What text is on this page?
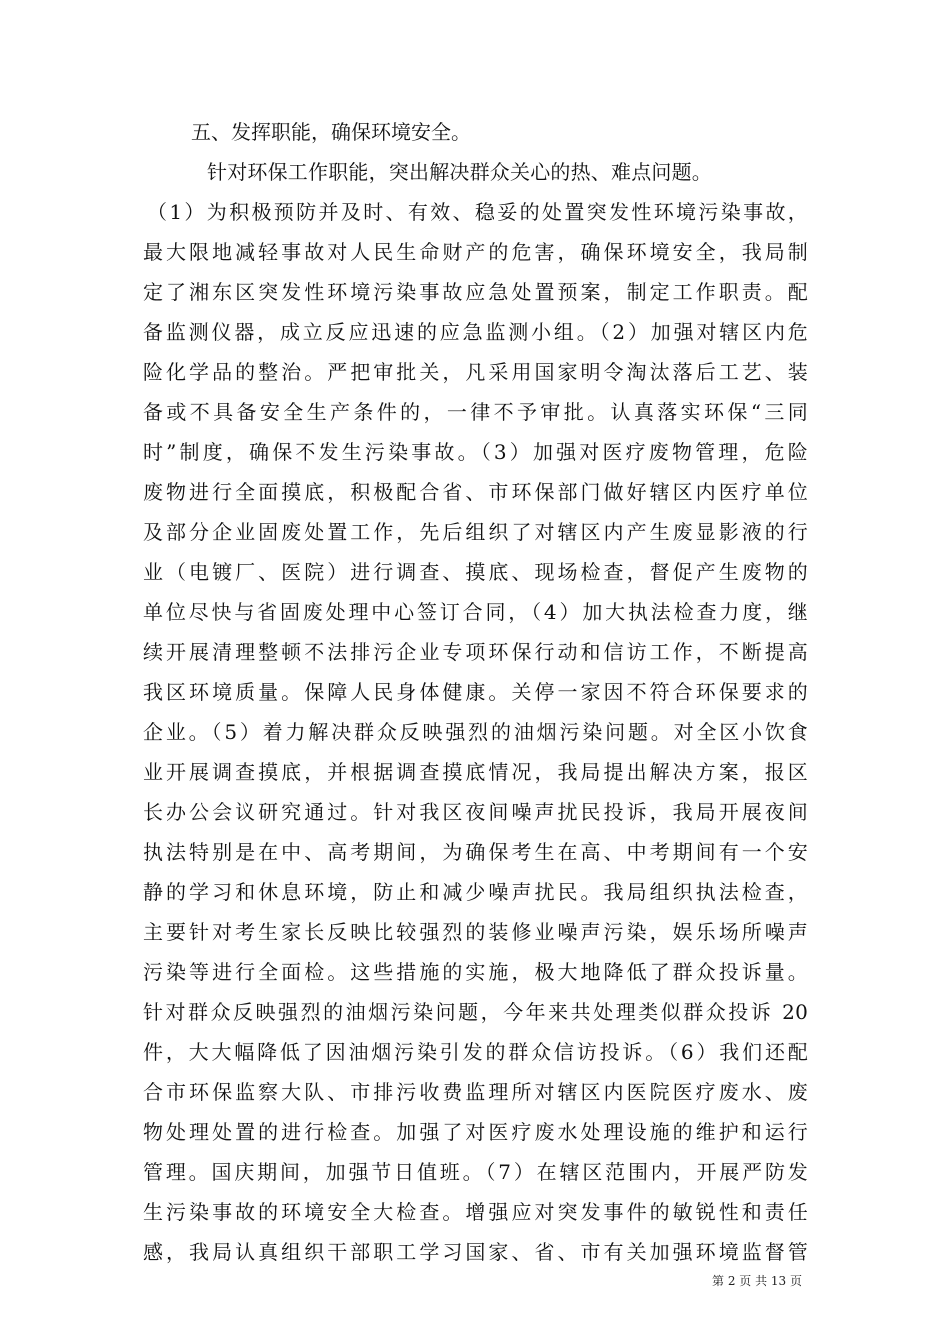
五、发挥职能，确保环境安全。
针对环保工作职能，突出解决群众关心的热、难点问题。
（1）为积极预防并及时、有效、稳妥的处置突发性环境污染事故，
最大限地减轻事故对人民生命财产的危害，确保环境安全，我局制
定了湘东区突发性环境污染事故应急处置预案，制定工作职责。配
备监测仪器，成立反应迅速的应急监测小组。（2）加强对辖区内危
险化学品的整治。严把审批关，凡采用国家明令淘汰落后工艺、装
备或不具备安全生产条件的，一律不予审批。认真落实环保“三同
时”制度，确保不发生污染事故。（3）加强对医疗废物管理，危险
废物进行全面摸底，积极配合省、市环保部门做好辖区内医疗单位
及部分企业固废处置工作，先后组织了对辖区内产生废显影液的行
业（电镀厂、医院）进行调查、摸底、现场检查，督促产生废物的
单位尽快与省固废处理中心签订合同，（4）加大执法检查力度，继
续开展清理整顿不法排污企业专项环保行动和信访工作，不断提高
我区环境质量。保障人民身体健康。关停一家因不符合环保要求的
企业。（5）着力解决群众反映强烈的油烟污染问题。对全区小饮食
业开展调查摸底，并根据调查摸底情况，我局提出解决方案，报区
长办公会议研究通过。针对我区夜间噪声扰民投诉，我局开展夜间
执法特别是在中、高考期间，为确保考生在高、中考期间有一个安
静的学习和休息环境，防止和减少噪声扰民。我局组织执法检查，
主要针对考生家长反映比较强烈的装修业噪声污染，娱乐场所噪声
污染等进行全面检。这些措施的实施，极大地降低了群众投诉量。
针对群众反映强烈的油烟污染问题，今年来共处理类似群众投诉 20
件，大大幅降低了因油烟污染引发的群众信访投诉。（6）我们还配
合市环保监察大队、市排污收费监理所对辖区内医院医疗废水、废
物处理处置的进行检查。加强了对医疗废水处理设施的维护和运行
管理。国庆期间，加强节日值班。（7）在辖区范围内，开展严防发
生污染事故的环境安全大检查。增强应对突发事件的敏锐性和责任
感，我局认真组织干部职工学习国家、省、市有关加强环境监督管
第 2 页 共 13 页
